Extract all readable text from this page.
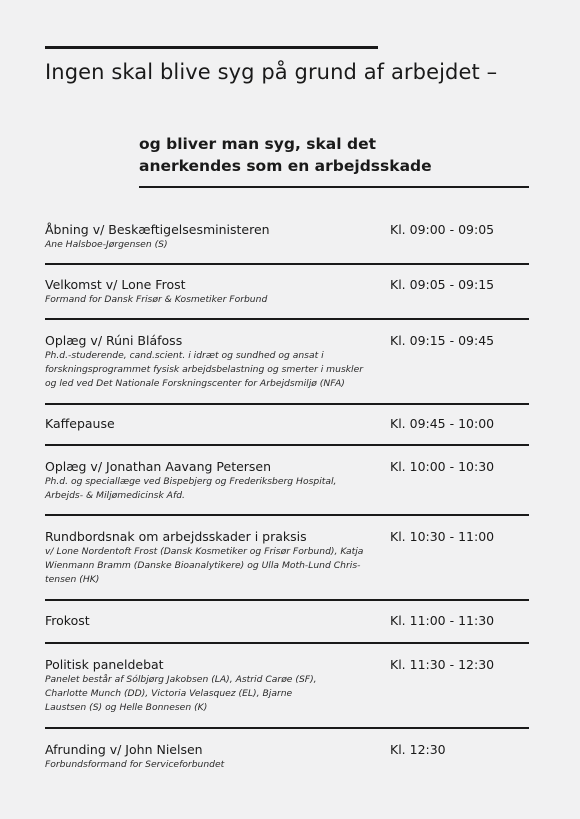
Ingen skal blive syg på grund af arbejdet –
og bliver man syg, skal det
anerkendes som en arbejdsskade
Åbning v/ Beskæftigelsesministeren
Ane Halsboe-Jørgensen (S)
Kl. 09:00 - 09:05
Velkomst v/ Lone Frost
Formand for Dansk Frisør & Kosmetiker Forbund
Kl. 09:05 - 09:15
Oplæg v/ Rúni Bláfoss
Ph.d.-studerende, cand.scient. i idræt og sundhed og ansat i
forskningsprogrammet fysisk arbejdsbelastning og smerter i muskler
og led ved Det Nationale Forskningscenter for Arbejdsmiljø (NFA)
Kl. 09:15 - 09:45
Kaffepause	Kl. 09:45 - 10:00
Oplæg v/ Jonathan Aavang Petersen
Ph.d. og speciallæge ved Bispebjerg og Frederiksberg Hospital,
Arbejds- & Miljømedicinsk Afd.
Kl. 10:00 - 10:30
Rundbordsnak om arbejdsskader i praksis
v/ Lone Nordentoft Frost (Dansk Kosmetiker og Frisør Forbund), Katja
Wienmann Bramm (Danske Bioanalytikere) og Ulla Moth-Lund Chris-
tensen (HK)
Kl. 10:30 - 11:00
Frokost	Kl. 11:00 - 11:30
Politisk paneldebat
Panelet består af Sólbjørg Jakobsen (LA), Astrid Carøe (SF),
Charlotte Munch (DD), Victoria Velasquez (EL), Bjarne
Laustsen (S) og Helle Bonnesen (K)
Kl. 11:30 - 12:30
Afrunding v/ John Nielsen
Forbundsformand for Serviceforbundet
Kl. 12:30
